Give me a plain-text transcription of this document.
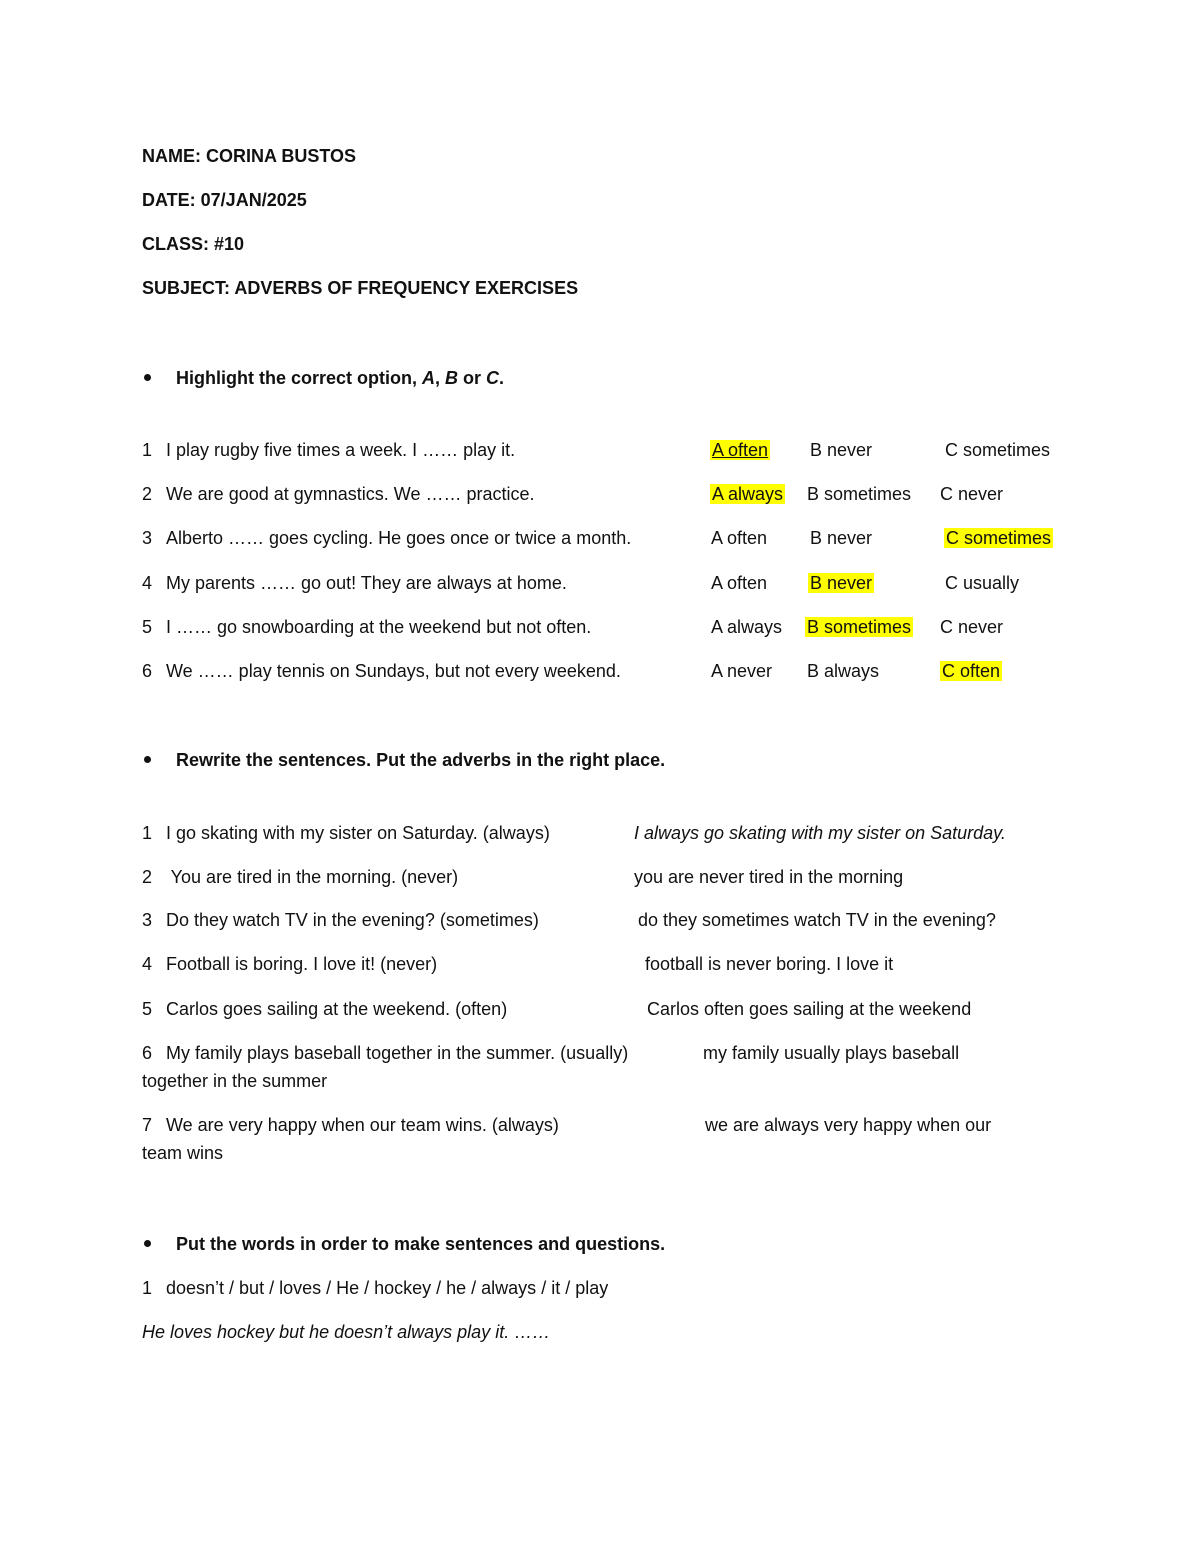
NAME: CORINA BUSTOS
DATE: 07/JAN/2025
CLASS: #10
SUBJECT: ADVERBS OF FREQUENCY EXERCISES
Highlight the correct option, A, B or C.
1 I play rugby five times a week. I …… play it.	A often B never	C sometimes
2 We are good at gymnastics. We …… practice.	A always B sometimes C never
3 Alberto …… goes cycling. He goes once or twice a month.	A often B never	C sometimes
4 My parents …… go out! They are always at home.	A often B never	C usually
5 I …… go snowboarding at the weekend but not often.	A always B sometimes C never
6 We …… play tennis on Sundays, but not every weekend.	A never B always	C often
Rewrite the sentences. Put the adverbs in the right place.
1 I go skating with my sister on Saturday. (always)	I always go skating with my sister on Saturday.
2 You are tired in the morning. (never)	you are never tired in the morning
3 Do they watch TV in the evening? (sometimes)	do they sometimes watch TV in the evening?
4 Football is boring. I love it! (never)	football is never boring. I love it
5 Carlos goes sailing at the weekend. (often)	Carlos often goes sailing at the weekend
6 My family plays baseball together in the summer. (usually)	my family usually plays baseball
together in the summer
7 We are very happy when our team wins. (always)	we are always very happy when our
team wins
Put the words in order to make sentences and questions.
1 doesn’t / but / loves / He / hockey / he / always / it / play
He loves hockey but he doesn’t always play it. ……
